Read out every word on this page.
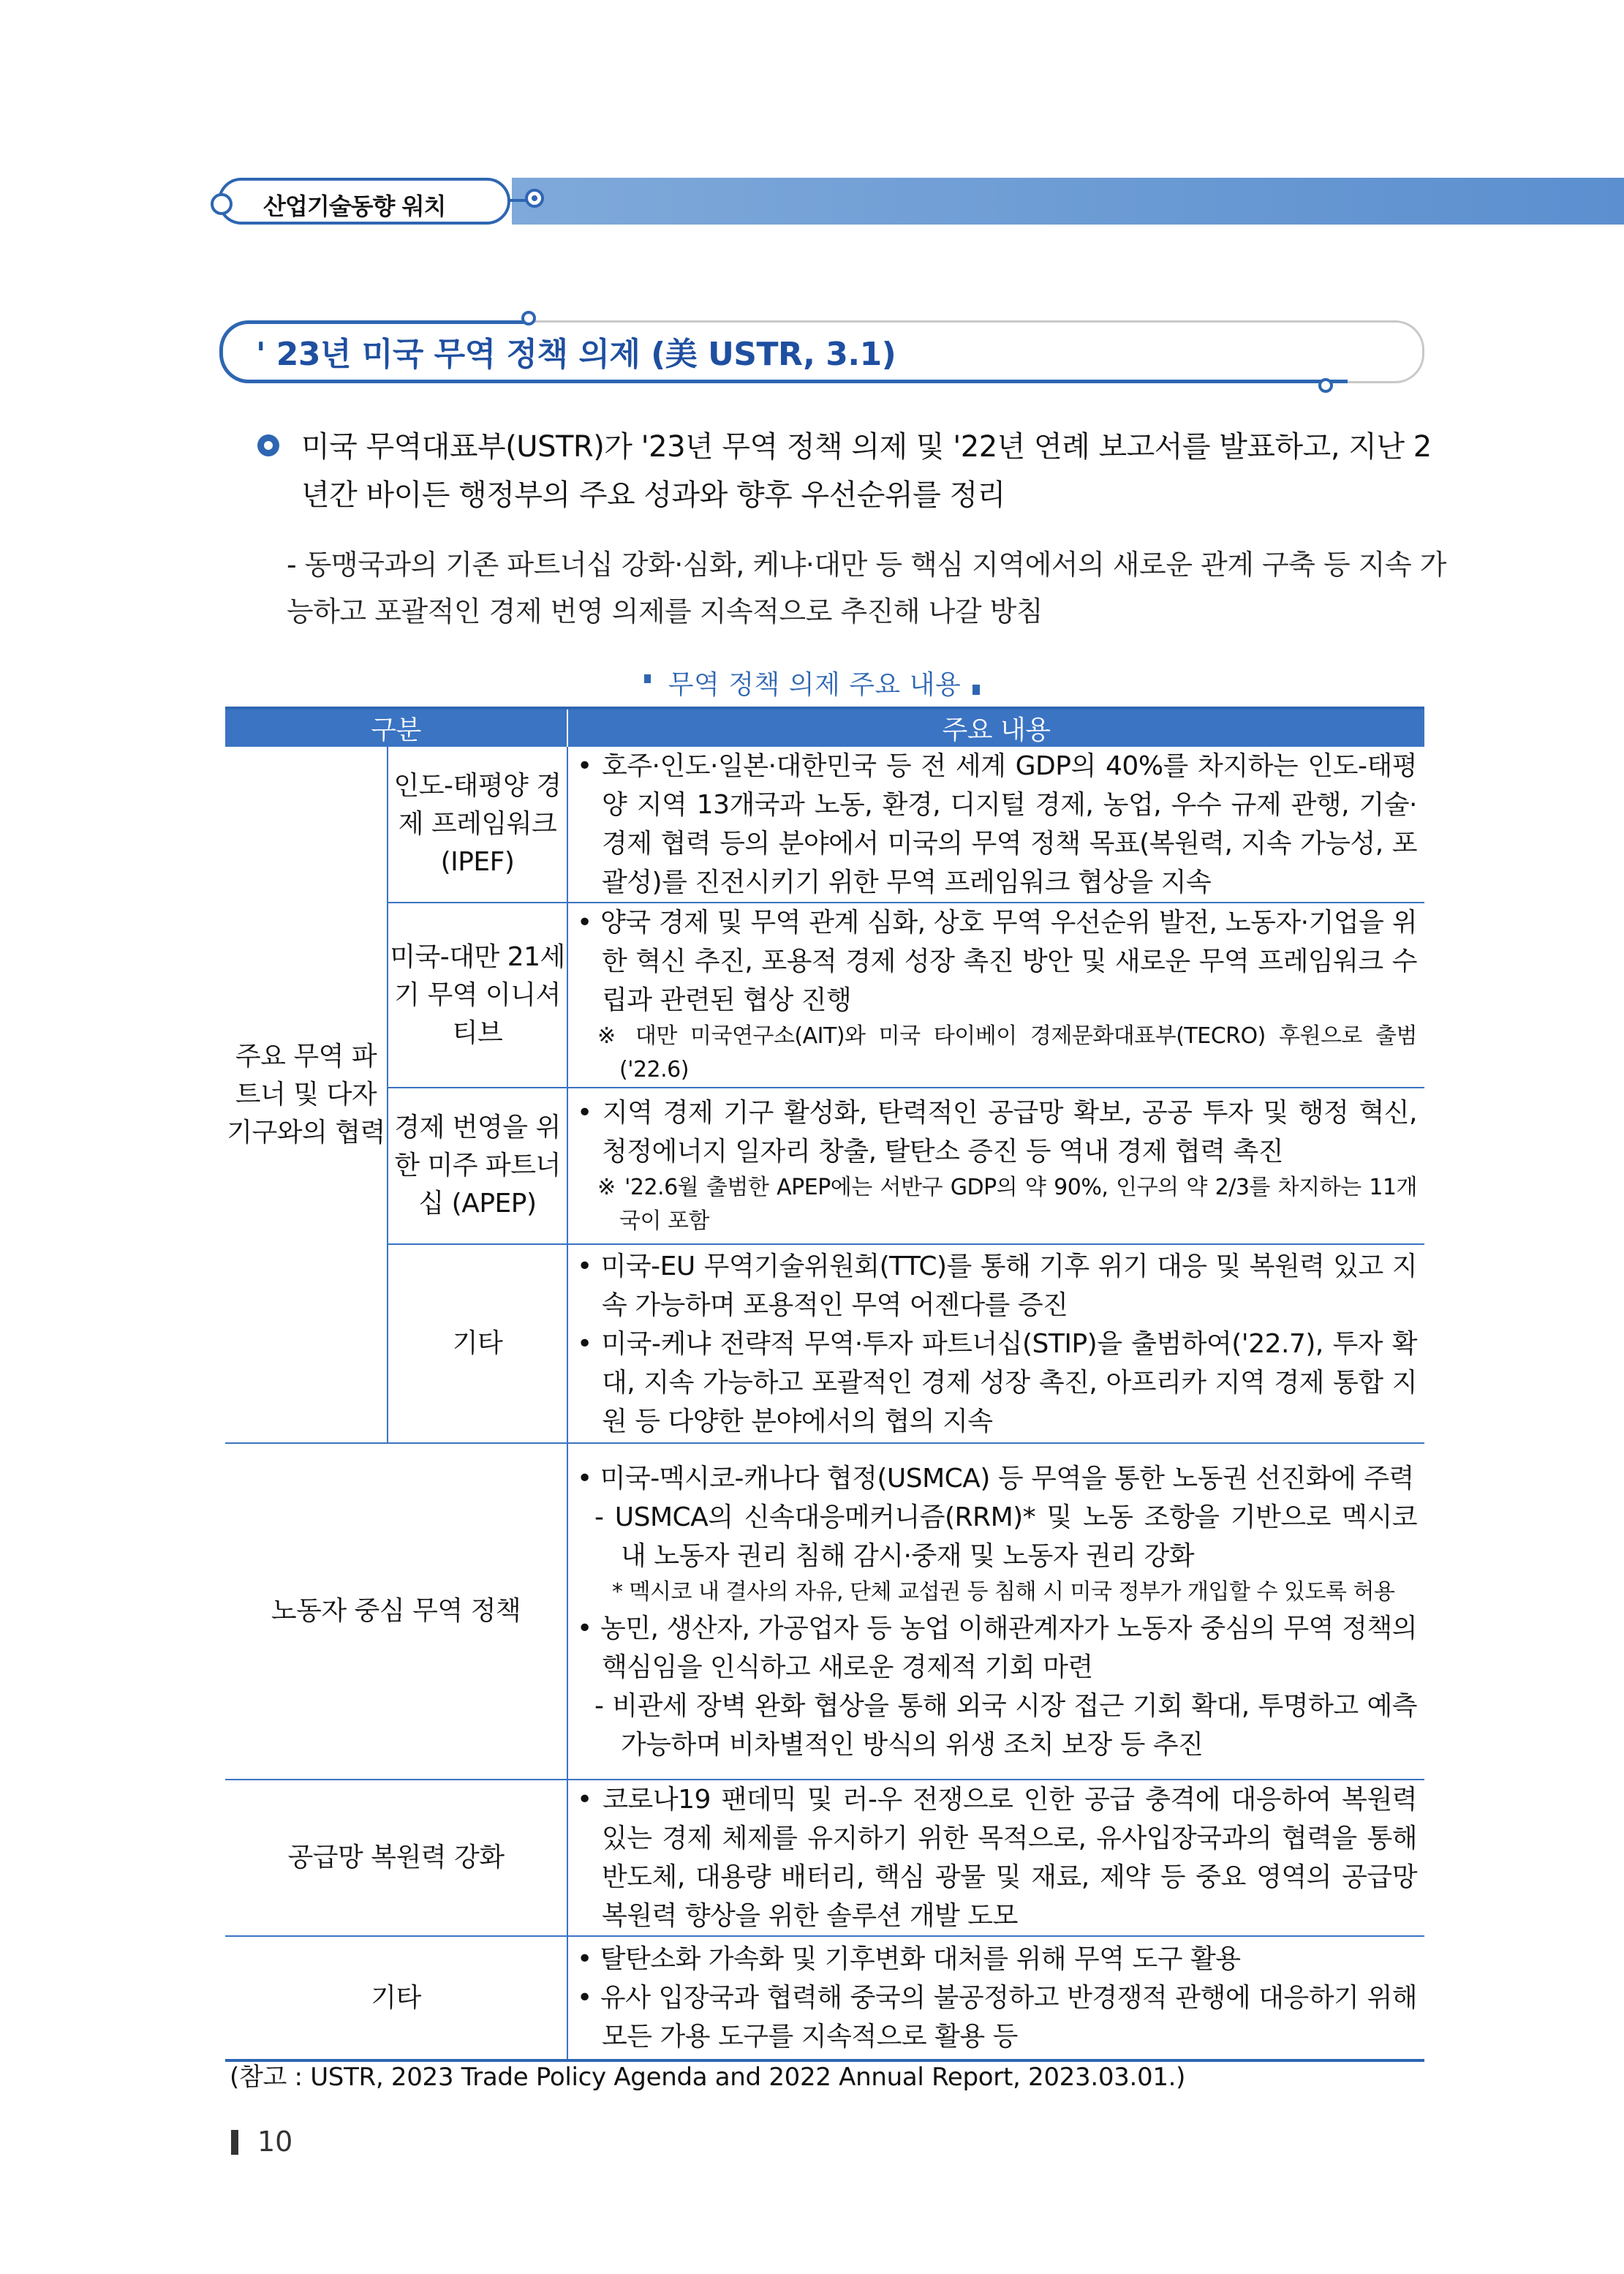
산업기술동향 워치
' 23년 미국 무역 정책 의제 (美 USTR, 3.1)
미국 무역대표부(USTR)가 '23년 무역 정책 의제 및 '22년 연례 보고서를 발표하고, 지난 2년간 바이든 행정부의 주요 성과와 향후 우선순위를 정리
- 동맹국과의 기존 파트너십 강화·심화, 케냐·대만 등 핵심 지역에서의 새로운 관계 구축 등 지속 가능하고 포괄적인 경제 번영 의제를 지속적으로 추진해 나갈 방침
무역 정책 의제 주요 내용
구분		주요 내용
주요 무역 파트너 및 다자기구와의 협력	인도-태평양 경제 프레임워크 (IPEF)	• 호주·인도·일본·대한민국 등 전 세계 GDP의 40%를 차지하는 인도-태평양 지역 13개국과 노동, 환경, 디지털 경제, 농업, 우수 규제 관행, 기술·경제 협력 등의 분야에서 미국의 무역 정책 목표(복원력, 지속 가능성, 포괄성)를 진전시키기 위한 무역 프레임워크 협상을 지속

	미국-대만 21세기 무역 이니셔티브	• 양국 경제 및 무역 관계 심화, 상호 무역 우선순위 발전, 노동자·기업을 위한 혁신 추진, 포용적 경제 성장 촉진 방안 및 새로운 무역 프레임워크 수립과 관련된 협상 진행
※ 대만 미국연구소(AIT)와 미국 타이베이 경제문화대표부(TECRO) 후원으로 출범('22.6)

	경제 번영을 위한 미주 파트너십 (APEP)	• 지역 경제 기구 활성화, 탄력적인 공급망 확보, 공공 투자 및 행정 혁신, 청정에너지 일자리 창출, 탈탄소 증진 등 역내 경제 협력 촉진
※ '22.6월 출범한 APEP에는 서반구 GDP의 약 90%, 인구의 약 2/3를 차지하는 11개국이 포함

	기타	• 미국-EU 무역기술위원회(TTC)를 통해 기후 위기 대응 및 복원력 있고 지속 가능하며 포용적인 무역 어젠다를 증진
• 미국-케냐 전략적 무역·투자 파트너십(STIP)을 출범하여('22.7), 투자 확대, 지속 가능하고 포괄적인 경제 성장 촉진, 아프리카 지역 경제 통합 지원 등 다양한 분야에서의 협의 지속

노동자 중심 무역 정책		• 미국-멕시코-캐나다 협정(USMCA) 등 무역을 통한 노동권 선진화에 주력
- USMCA의 신속대응메커니즘(RRM)* 및 노동 조항을 기반으로 멕시코 내 노동자 권리 침해 감시·중재 및 노동자 권리 강화
* 멕시코 내 결사의 자유, 단체 교섭권 등 침해 시 미국 정부가 개입할 수 있도록 허용
• 농민, 생산자, 가공업자 등 농업 이해관계자가 노동자 중심의 무역 정책의 핵심임을 인식하고 새로운 경제적 기회 마련
- 비관세 장벽 완화 협상을 통해 외국 시장 접근 기회 확대, 투명하고 예측 가능하며 비차별적인 방식의 위생 조치 보장 등 추진

공급망 복원력 강화		• 코로나19 팬데믹 및 러-우 전쟁으로 인한 공급 충격에 대응하여 복원력 있는 경제 체제를 유지하기 위한 목적으로, 유사입장국과의 협력을 통해 반도체, 대용량 배터리, 핵심 광물 및 재료, 제약 등 중요 영역의 공급망 복원력 향상을 위한 솔루션 개발 도모

기타		• 탈탄소화 가속화 및 기후변화 대처를 위해 무역 도구 활용
• 유사 입장국과 협력해 중국의 불공정하고 반경쟁적 관행에 대응하기 위해 모든 가용 도구를 지속적으로 활용 등
(참고 : USTR, 2023 Trade Policy Agenda and 2022 Annual Report, 2023.03.01.)
10
